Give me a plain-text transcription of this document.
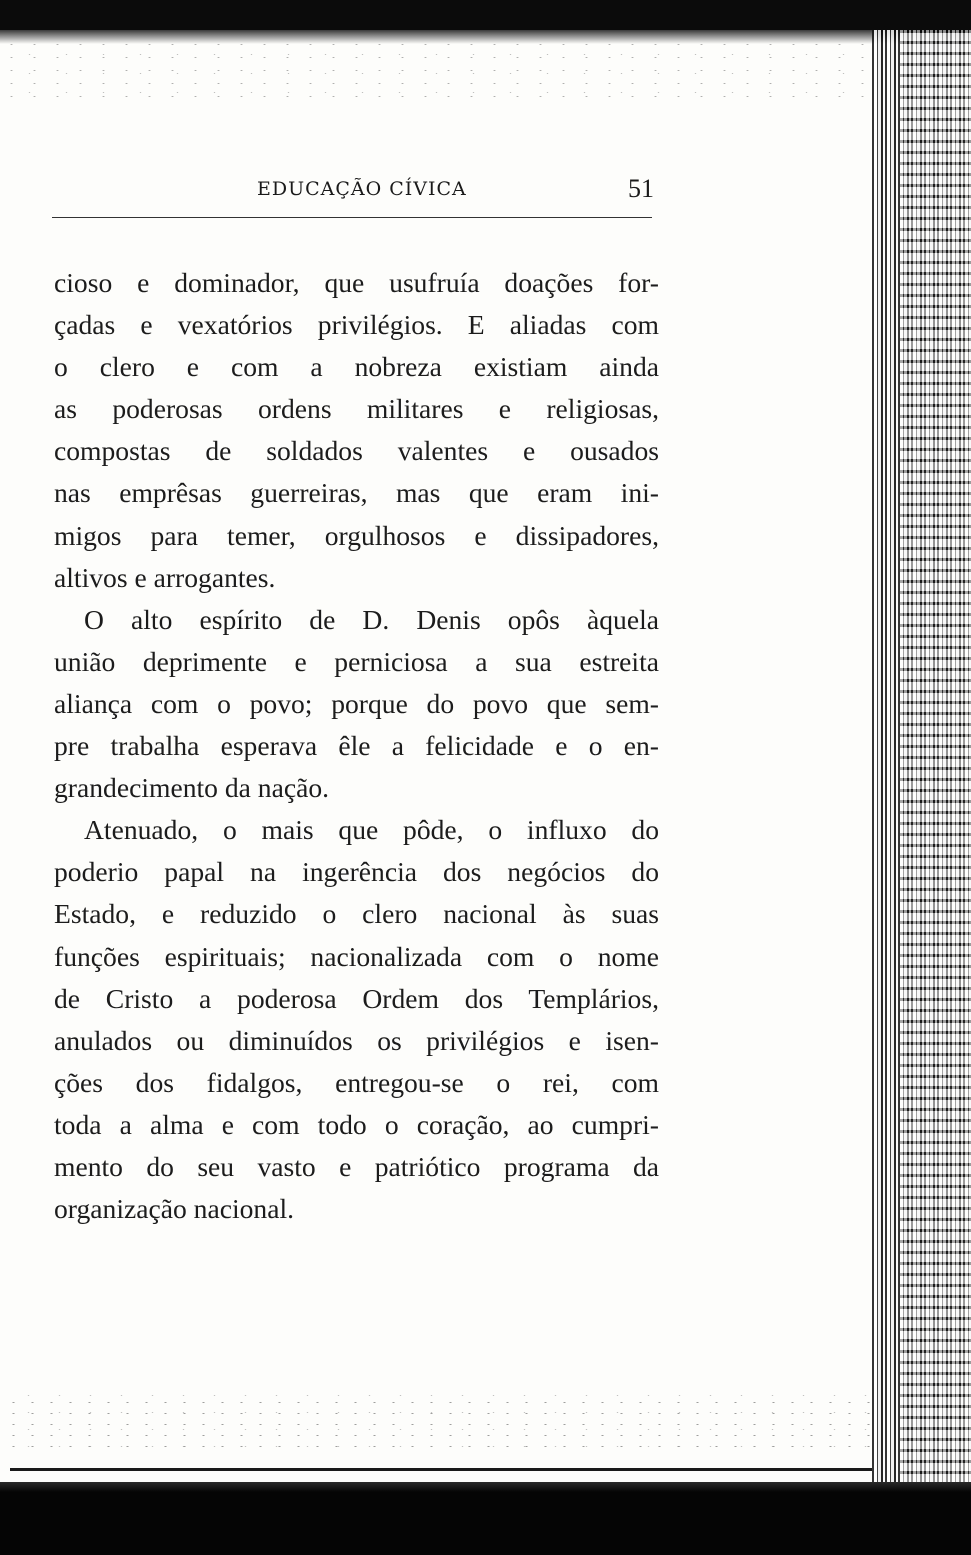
EDUCAÇÃO CÍVICA	51
cioso e dominador, que usufruía doações for-
çadas e vexatórios privilégios. E aliadas com
o clero e com a nobreza existiam ainda
as poderosas ordens militares e religiosas,
compostas de soldados valentes e ousados
nas emprêsas guerreiras, mas que eram ini-
migos para temer, orgulhosos e dissipadores,
altivos e arrogantes.
O alto espírito de D. Denis opôs àquela
união deprimente e perniciosa a sua estreita
aliança com o povo; porque do povo que sem-
pre trabalha esperava êle a felicidade e o en-
grandecimento da nação.
Atenuado, o mais que pôde, o influxo do
poderio papal na ingerência dos negócios do
Estado, e reduzido o clero nacional às suas
funções espirituais; nacionalizada com o nome
de Cristo a poderosa Ordem dos Templários,
anulados ou diminuídos os privilégios e isen-
ções dos fidalgos, entregou-se o rei, com
toda a alma e com todo o coração, ao cumpri-
mento do seu vasto e patriótico programa da
organização nacional.
